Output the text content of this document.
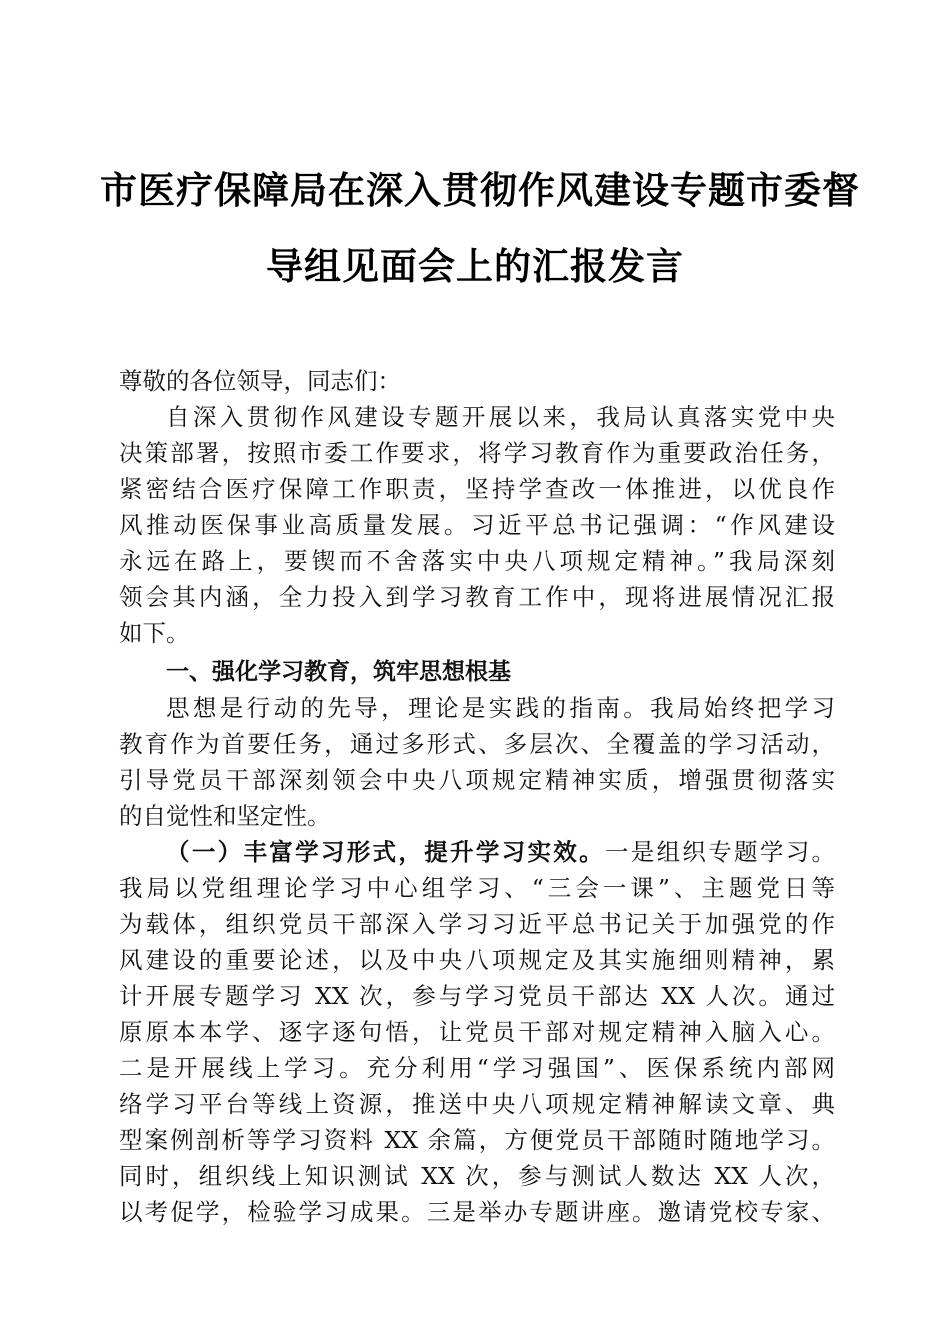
市医疗保障局在深入贯彻作风建设专题市委督
导组见面会上的汇报发言
尊敬的各位领导，同志们：
自深入贯彻作风建设专题开展以来，我局认真落实党中央
决策部署，按照市委工作要求，将学习教育作为重要政治任务，
紧密结合医疗保障工作职责，坚持学查改一体推进，以优良作
风推动医保事业高质量发展。习近平总书记强调：“作风建设
永远在路上，要锲而不舍落实中央八项规定精神。”我局深刻
领会其内涵，全力投入到学习教育工作中，现将进展情况汇报
如下。
一、强化学习教育，筑牢思想根基
思想是行动的先导，理论是实践的指南。我局始终把学习
教育作为首要任务，通过多形式、多层次、全覆盖的学习活动，
引导党员干部深刻领会中央八项规定精神实质，增强贯彻落实
的自觉性和坚定性。
（一）丰富学习形式，提升学习实效。一是组织专题学习。
我局以党组理论学习中心组学习、“三会一课”、主题党日等
为载体，组织党员干部深入学习习近平总书记关于加强党的作
风建设的重要论述，以及中央八项规定及其实施细则精神，累
计开展专题学习 XX 次，参与学习党员干部达 XX 人次。通过
原原本本学、逐字逐句悟，让党员干部对规定精神入脑入心。
二是开展线上学习。充分利用“学习强国”、医保系统内部网
络学习平台等线上资源，推送中央八项规定精神解读文章、典
型案例剖析等学习资料 XX 余篇，方便党员干部随时随地学习。
同时，组织线上知识测试 XX 次，参与测试人数达 XX 人次，
以考促学，检验学习成果。三是举办专题讲座。邀请党校专家、
